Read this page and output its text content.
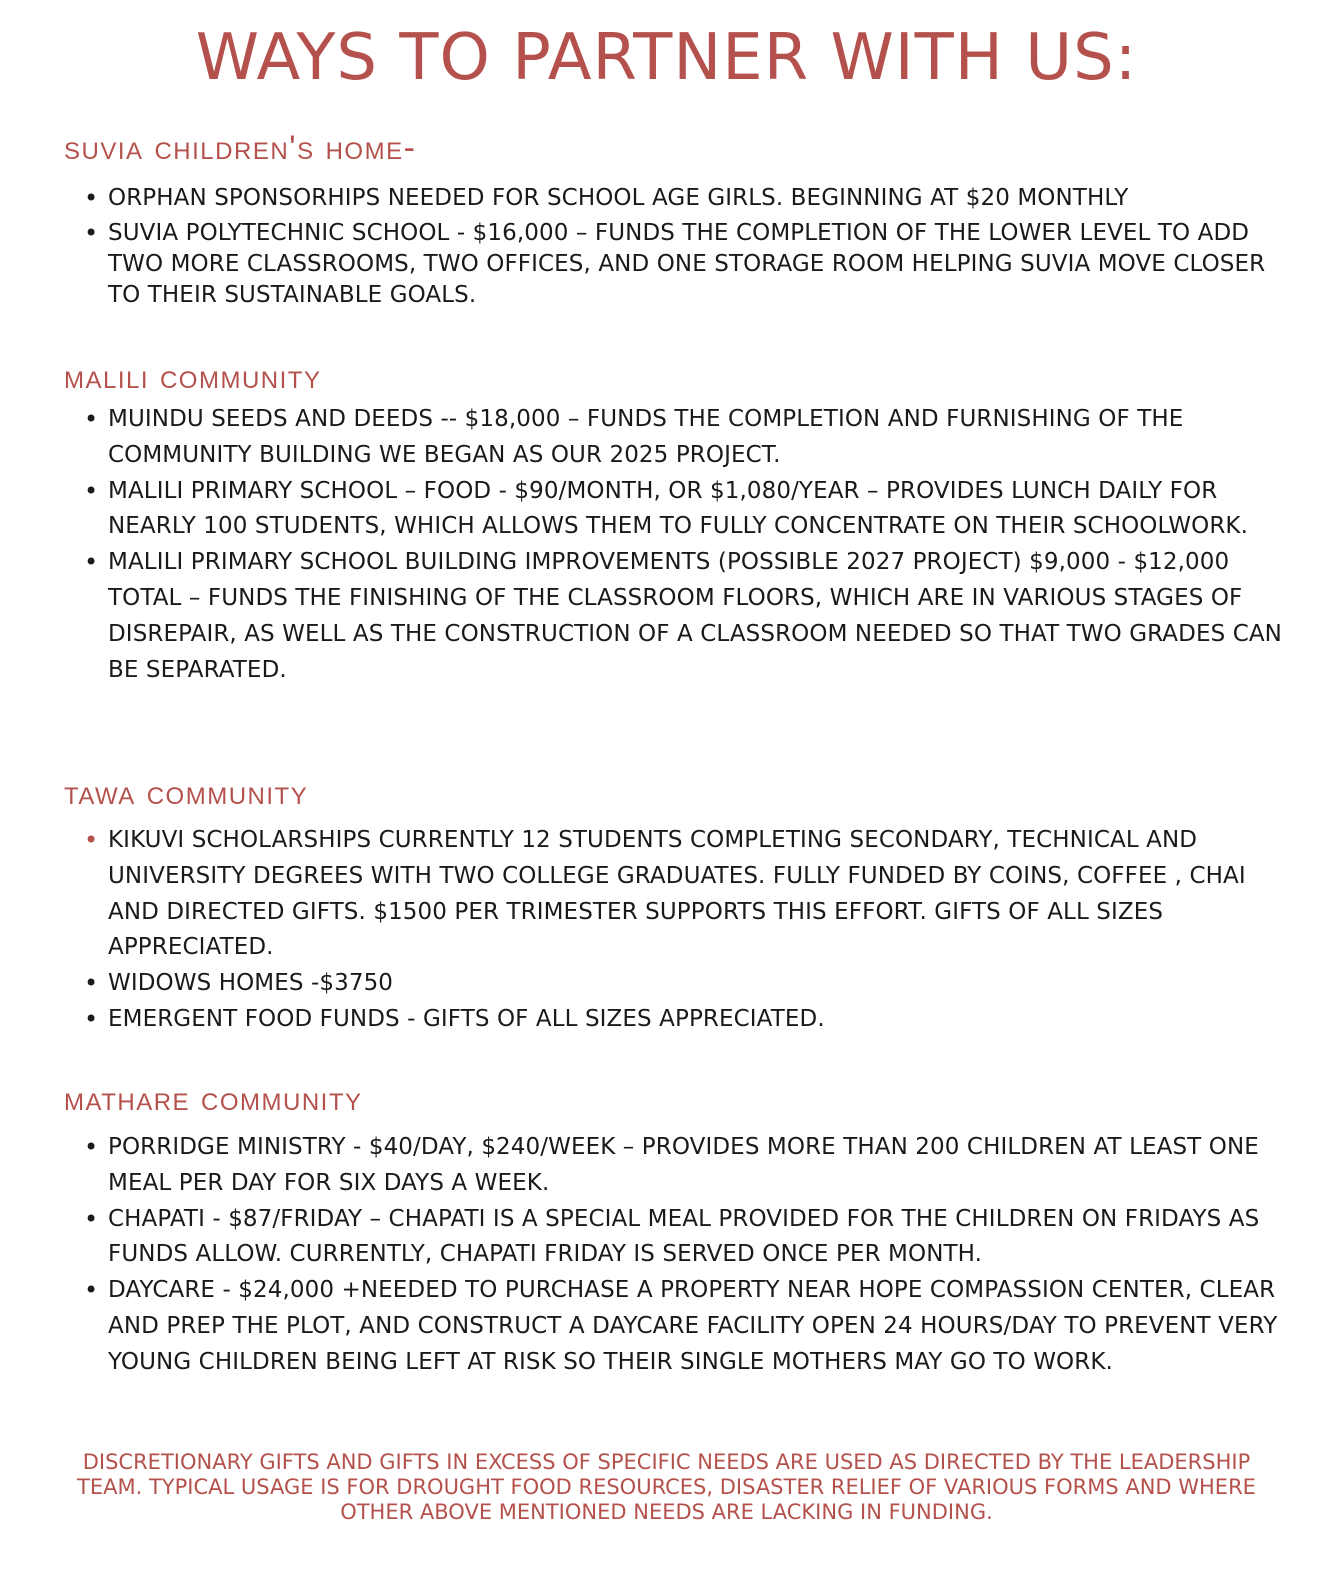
WAYS TO PARTNER WITH US:
suvia children's home-
• ORPHAN SPONSORHIPS NEEDED FOR SCHOOL AGE GIRLS. BEGINNING AT $20 MONTHLY
• SUVIA POLYTECHNIC SCHOOL - $16,000 – FUNDS THE COMPLETION OF THE LOWER LEVEL TO ADD TWO MORE CLASSROOMS, TWO OFFICES, AND ONE STORAGE ROOM HELPING SUVIA MOVE CLOSER TO THEIR SUSTAINABLE GOALS.
malili community
• MUINDU SEEDS AND DEEDS -- $18,000 – FUNDS THE COMPLETION AND FURNISHING OF THE COMMUNITY BUILDING WE BEGAN AS OUR 2025 PROJECT.
• MALILI PRIMARY SCHOOL – FOOD - $90/MONTH, OR $1,080/YEAR – PROVIDES LUNCH DAILY FOR NEARLY 100 STUDENTS, WHICH ALLOWS THEM TO FULLY CONCENTRATE ON THEIR SCHOOLWORK.
• MALILI PRIMARY SCHOOL BUILDING IMPROVEMENTS (POSSIBLE 2027 PROJECT) $9,000 - $12,000 TOTAL – FUNDS THE FINISHING OF THE CLASSROOM FLOORS, WHICH ARE IN VARIOUS STAGES OF DISREPAIR, AS WELL AS THE CONSTRUCTION OF A CLASSROOM NEEDED SO THAT TWO GRADES CAN BE SEPARATED.
tawa community
• KIKUVI SCHOLARSHIPS CURRENTLY 12 STUDENTS COMPLETING SECONDARY, TECHNICAL AND UNIVERSITY DEGREES WITH TWO COLLEGE GRADUATES. FULLY FUNDED BY COINS, COFFEE , CHAI AND DIRECTED GIFTS. $1500 PER TRIMESTER SUPPORTS THIS EFFORT. GIFTS OF ALL SIZES APPRECIATED.
• WIDOWS HOMES -$3750
• EMERGENT FOOD FUNDS - GIFTS OF ALL SIZES APPRECIATED.
mathare community
• PORRIDGE MINISTRY - $40/DAY, $240/WEEK – PROVIDES MORE THAN 200 CHILDREN AT LEAST ONE MEAL PER DAY FOR SIX DAYS A WEEK.
• CHAPATI - $87/FRIDAY – CHAPATI IS A SPECIAL MEAL PROVIDED FOR THE CHILDREN ON FRIDAYS AS FUNDS ALLOW. CURRENTLY, CHAPATI FRIDAY IS SERVED ONCE PER MONTH.
• DAYCARE - $24,000 +NEEDED TO PURCHASE A PROPERTY NEAR HOPE COMPASSION CENTER, CLEAR AND PREP THE PLOT, AND CONSTRUCT A DAYCARE FACILITY OPEN 24 HOURS/DAY TO PREVENT VERY YOUNG CHILDREN BEING LEFT AT RISK SO THEIR SINGLE MOTHERS MAY GO TO WORK.

DISCRETIONARY GIFTS AND GIFTS IN EXCESS OF SPECIFIC NEEDS ARE USED AS DIRECTED BY THE LEADERSHIP TEAM. TYPICAL USAGE IS FOR DROUGHT FOOD RESOURCES, DISASTER RELIEF OF VARIOUS FORMS AND WHERE OTHER ABOVE MENTIONED NEEDS ARE LACKING IN FUNDING.
